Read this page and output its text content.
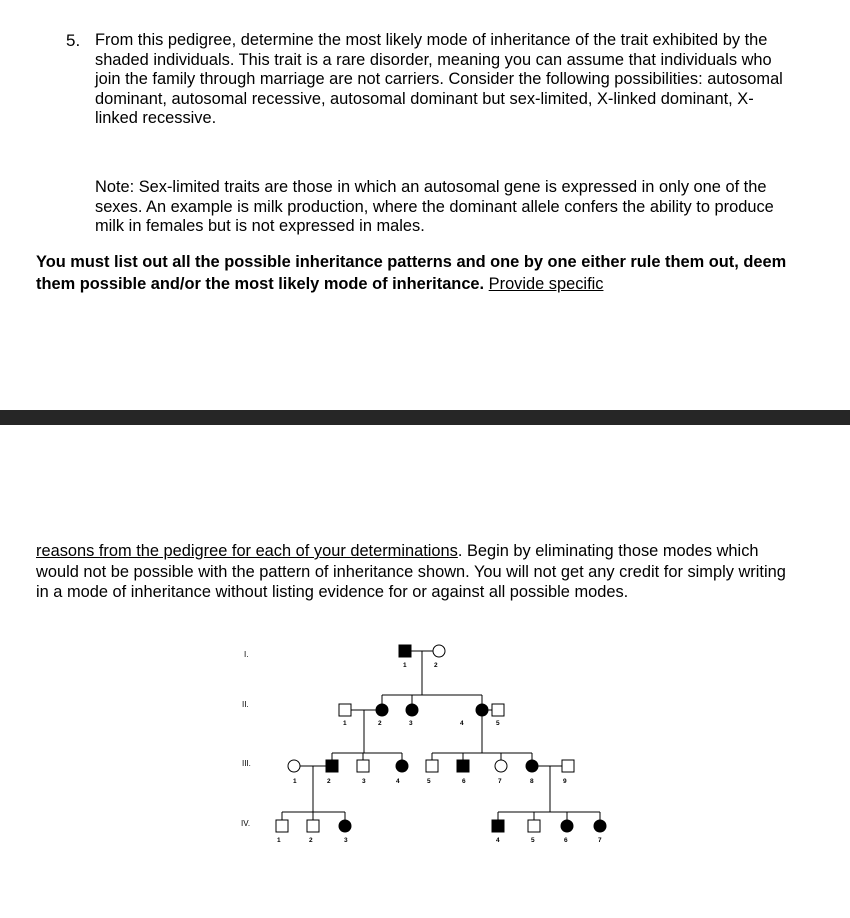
5. From this pedigree, determine the most likely mode of inheritance of the trait exhibited by the shaded individuals. This trait is a rare disorder, meaning you can assume that individuals who join the family through marriage are not carriers. Consider the following possibilities: autosomal dominant, autosomal recessive, autosomal dominant but sex-limited, X-linked dominant, X-linked recessive.
Note: Sex-limited traits are those in which an autosomal gene is expressed in only one of the sexes. An example is milk production, where the dominant allele confers the ability to produce milk in females but is not expressed in males.
You must list out all the possible inheritance patterns and one by one either rule them out, deem them possible and/or the most likely mode of inheritance. Provide specific
reasons from the pedigree for each of your determinations. Begin by eliminating those modes which would not be possible with the pattern of inheritance shown. You will not get any credit for simply writing in a mode of inheritance without listing evidence for or against all possible modes.
I.
II.
III.
IV.
1	2
1	2	3	4	5
1	2	3	4	5	6	7	8	9
1	2	3	4	5	6	7
